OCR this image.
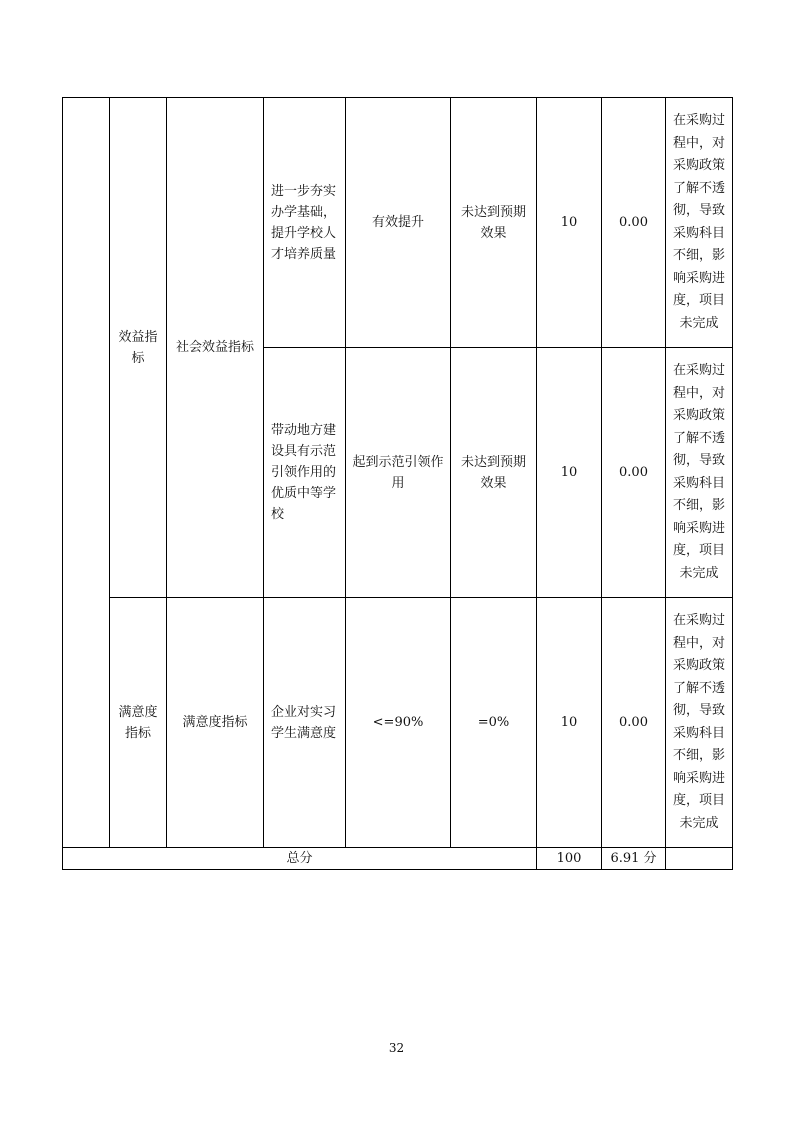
	效益指标	社会效益指标	进一步夯实办学基础，提升学校人才培养质量	有效提升	未达到预期效果	10	0.00	在采购过程中，对采购政策了解不透彻，导致采购科目不细，影响采购进度，项目未完成
			带动地方建设具有示范引领作用的优质中等学校	起到示范引领作用	未达到预期效果	10	0.00	在采购过程中，对采购政策了解不透彻，导致采购科目不细，影响采购进度，项目未完成
	满意度指标	满意度指标	企业对实习学生满意度	<=90%	=0%	10	0.00	在采购过程中，对采购政策了解不透彻，导致采购科目不细，影响采购进度，项目未完成
总分						100	6.91 分	
32
